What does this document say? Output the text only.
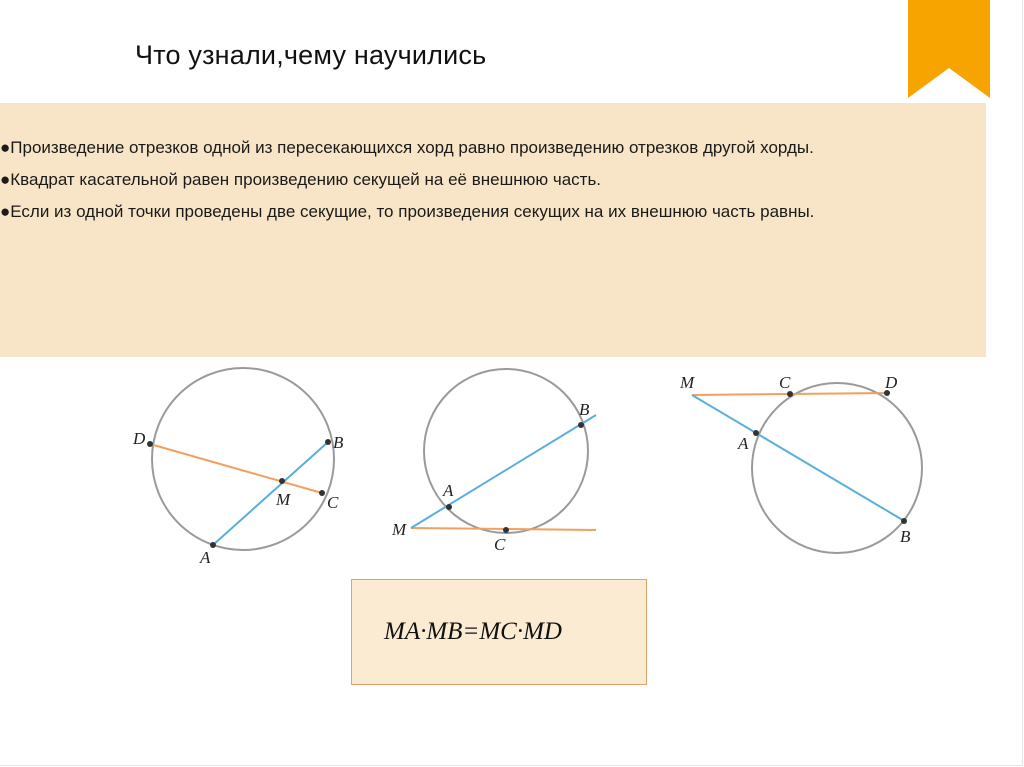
Что узнали,чему научились

●Произведение отрезков одной из пересекающихся хорд равно произведению отрезков другой хорды.

●Квадрат касательной равен произведению секущей на её внешнюю часть.

●Если из одной точки проведены две секущие, то произведения секущих на их внешнюю часть равны.

D	B
M C
A
B
A
M
C
M	C	D
A
B
MA·MB=MC·MD
